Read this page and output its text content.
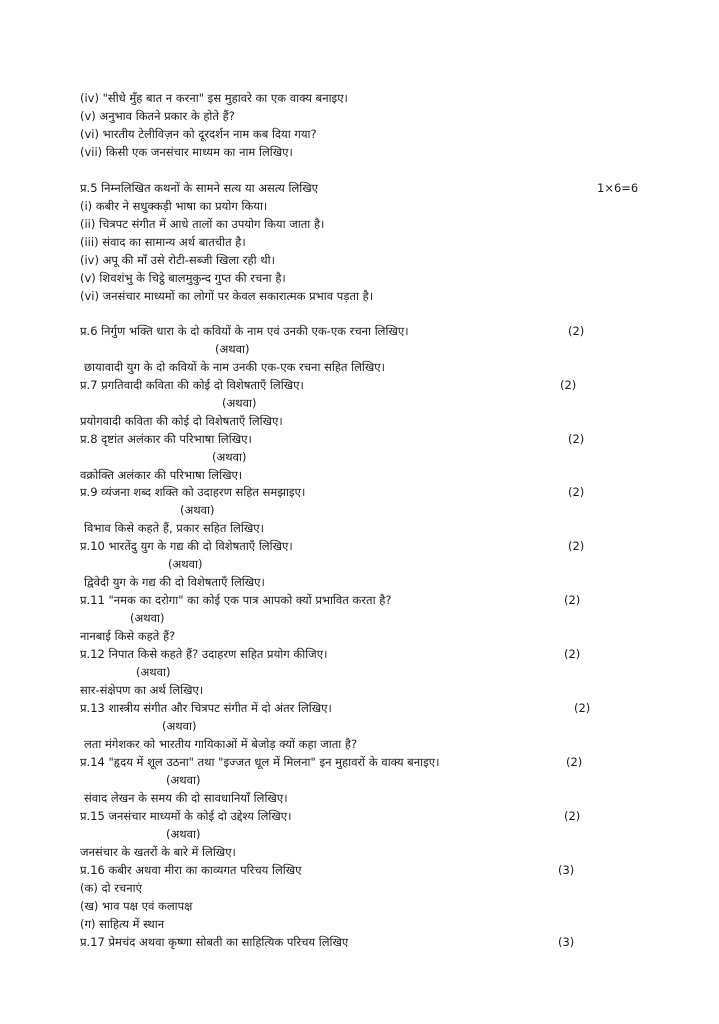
(iv) "सीधे मुँह बात न करना" इस मुहावरे का एक वाक्य बनाइए।
(v) अनुभाव कितने प्रकार के होते हैं?
(vi) भारतीय टेलीविज़न को दूरदर्शन नाम कब दिया गया?
(vii) किसी एक जनसंचार माध्यम का नाम लिखिए।
प्र.5 निम्नलिखित कथनों के सामने सत्य या असत्य लिखिए	1×6=6
(i) कबीर ने सधुक्कड़ी भाषा का प्रयोग किया।
(ii) चित्रपट संगीत में आधे तालों का उपयोग किया जाता है।
(iii) संवाद का सामान्य अर्थ बातचीत है।
(iv) अपू की माँ उसे रोटी-सब्जी खिला रही थी।
(v) शिवशंभु के चिट्ठे बालमुकुन्द गुप्त की रचना है।
(vi) जनसंचार माध्यमों का लोगों पर केवल सकारात्मक प्रभाव पड़ता है।
प्र.6 निर्गुण भक्ति धारा के दो कवियों के नाम एवं उनकी एक-एक रचना लिखिए।	(2)
(अथवा)
छायावादी युग के दो कवियों के नाम उनकी एक-एक रचना सहित लिखिए।
प्र.7 प्रगतिवादी कविता की कोई दो विशेषताएँ लिखिए।	(2)
(अथवा)
प्रयोगवादी कविता की कोई दो विशेषताएँ लिखिए।
प्र.8 दृष्टांत अलंकार की परिभाषा लिखिए।	(2)
(अथवा)
वक्रोक्ति अलंकार की परिभाषा लिखिए।
प्र.9 व्यंजना शब्द शक्ति को उदाहरण सहित समझाइए।	(2)
(अथवा)
विभाव किसे कहते हैं, प्रकार सहित लिखिए।
प्र.10 भारतेंदु युग के गद्य की दो विशेषताएँ लिखिए।	(2)
(अथवा)
द्विवेदी युग के गद्य की दो विशेषताएँ लिखिए।
प्र.11 "नमक का दरोगा" का कोई एक पात्र आपको क्यों प्रभावित करता है?	(2)
(अथवा)
नानबाई किसे कहते हैं?
प्र.12 निपात किसे कहते हैं? उदाहरण सहित प्रयोग कीजिए।	(2)
(अथवा)
सार-संक्षेपण का अर्थ लिखिए।
प्र.13 शास्त्रीय संगीत और चित्रपट संगीत में दो अंतर लिखिए।	(2)
(अथवा)
लता मंगेशकर को भारतीय गायिकाओं में बेजोड़ क्यों कहा जाता है?
प्र.14 "हृदय में शूल उठना" तथा "इज्जत धूल में मिलना" इन मुहावरों के वाक्य बनाइए।	(2)
(अथवा)
संवाद लेखन के समय की दो सावधानियाँ लिखिए।
प्र.15 जनसंचार माध्यमों के कोई दो उद्देश्य लिखिए।	(2)
(अथवा)
जनसंचार के खतरों के बारे में लिखिए।
प्र.16 कबीर अथवा मीरा का काव्यगत परिचय लिखिए	(3)
(क) दो रचनाएं
(ख) भाव पक्ष एवं कलापक्ष
(ग) साहित्य में स्थान
प्र.17 प्रेमचंद अथवा कृष्णा सोबती का साहित्यिक परिचय लिखिए	(3)
